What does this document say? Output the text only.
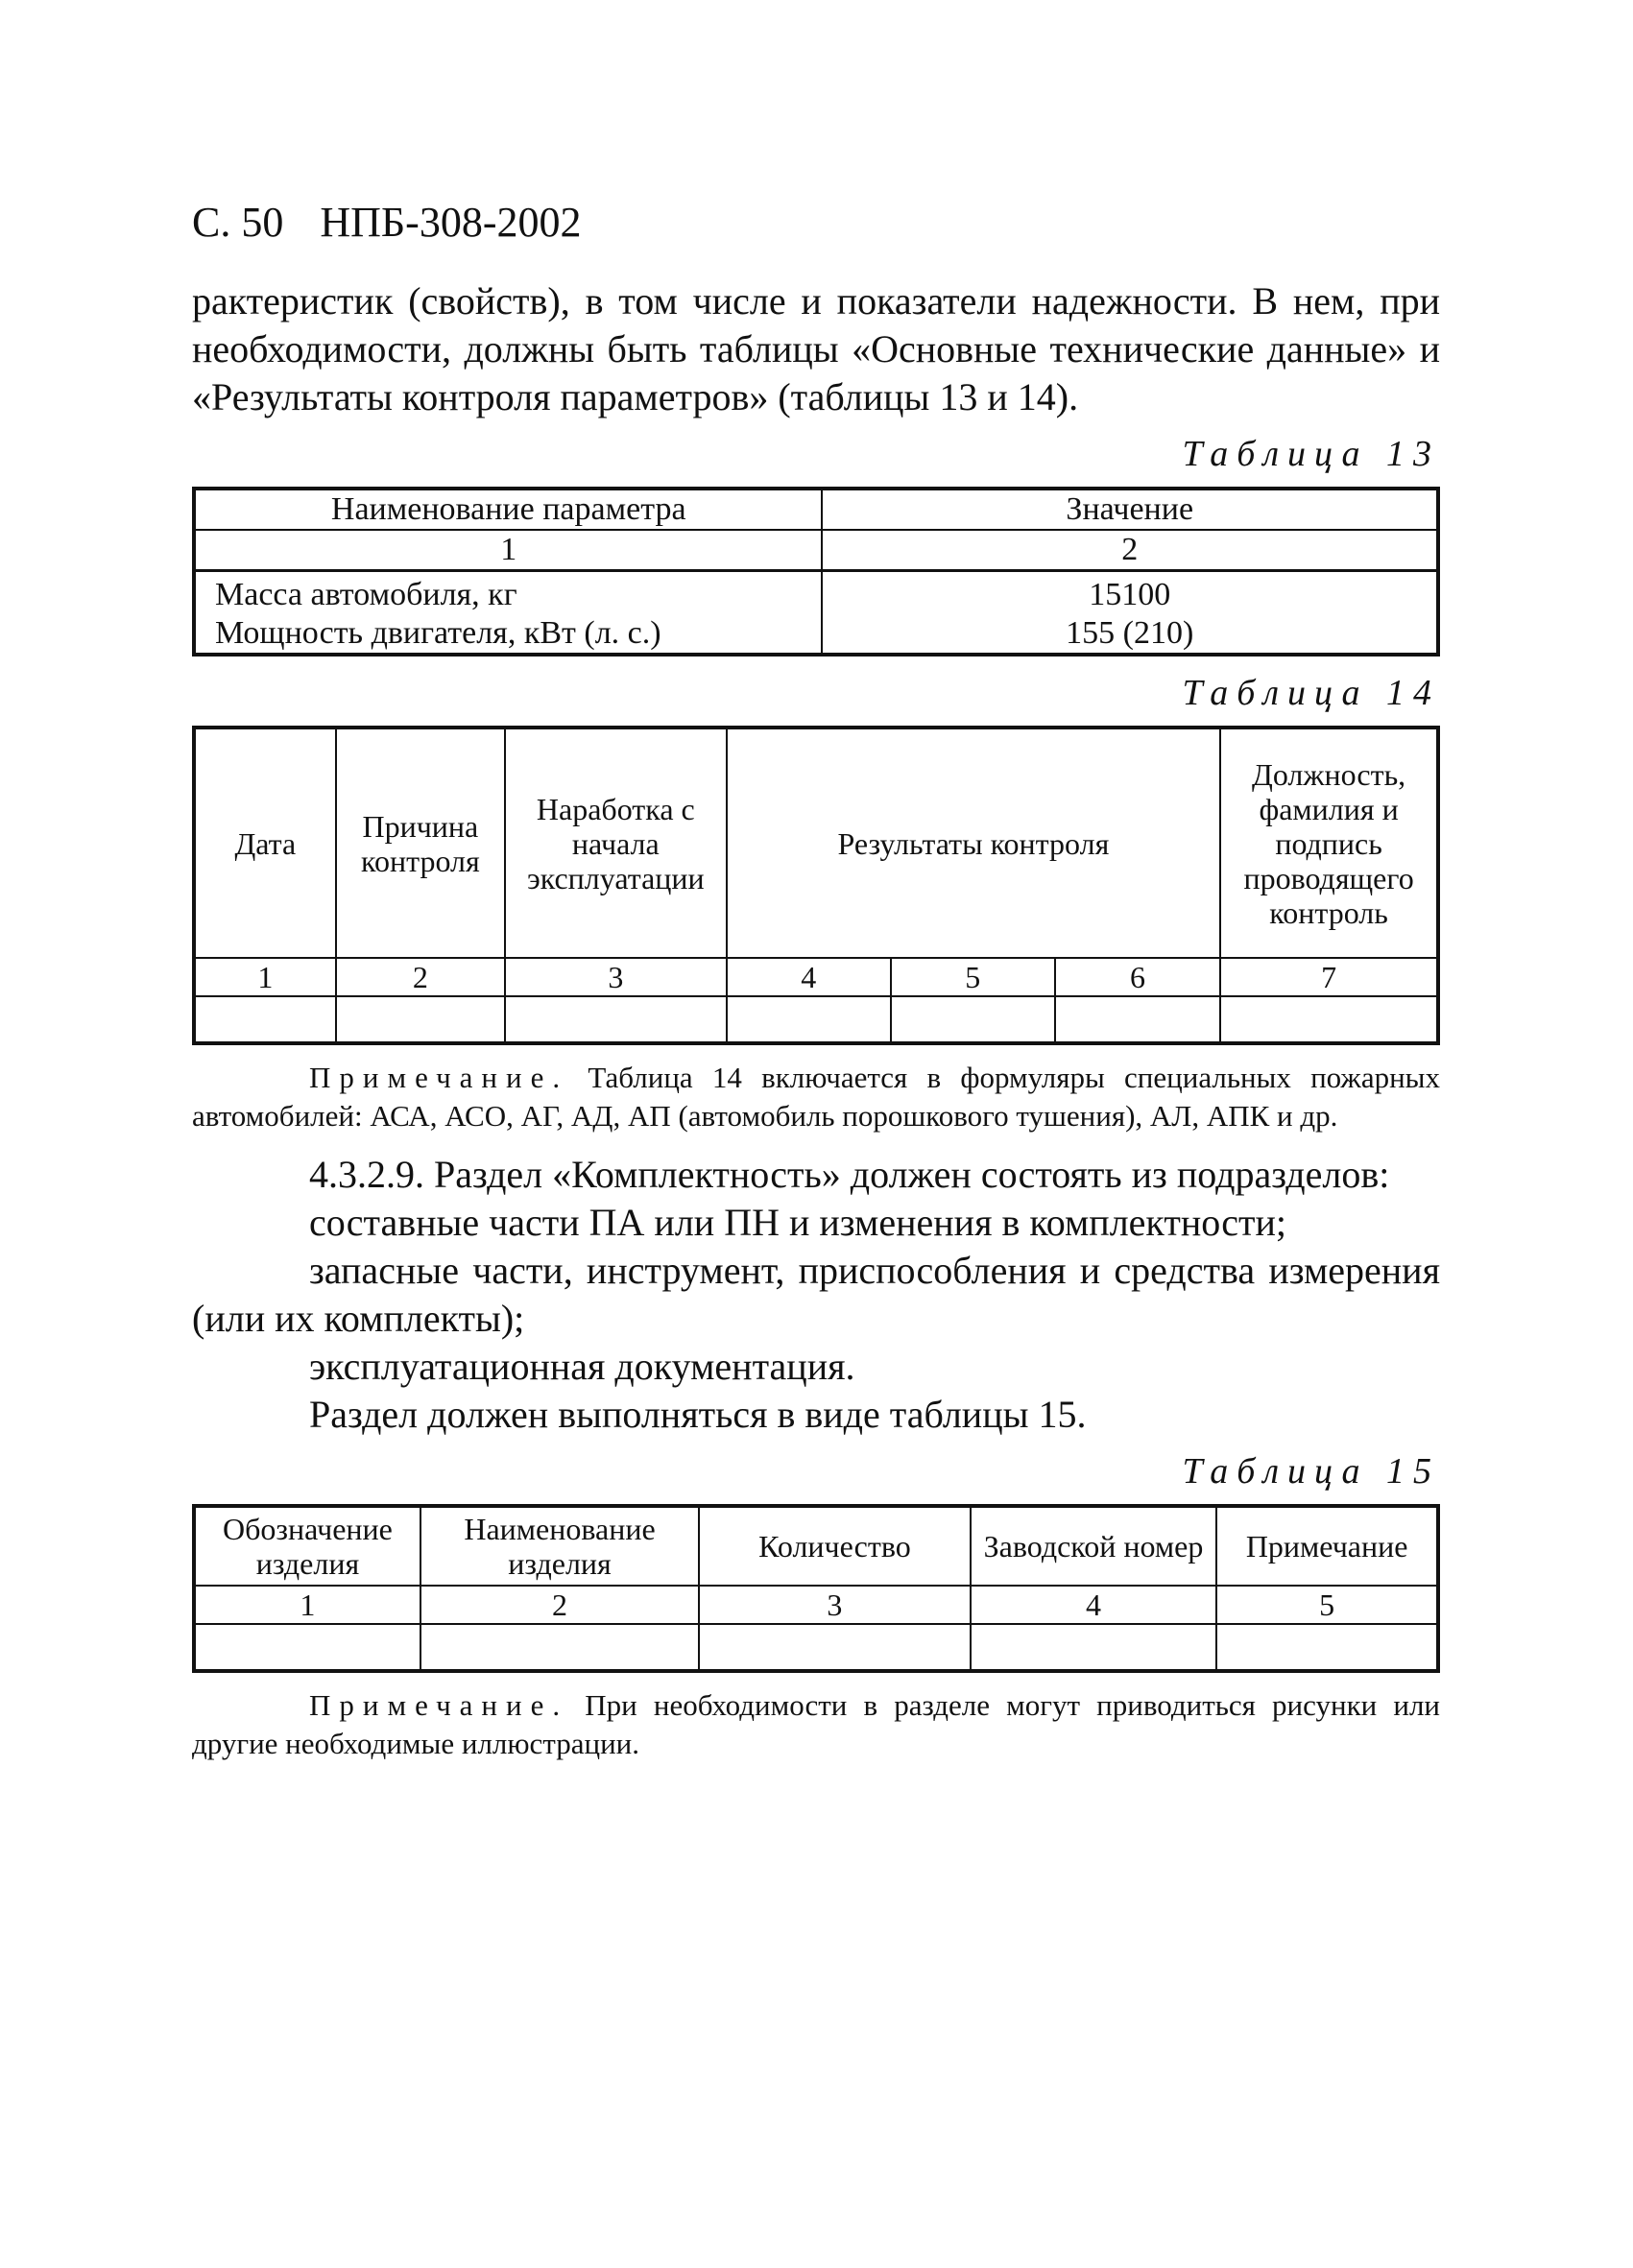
С. 50 НПБ-308-2002

рактеристик (свойств), в том числе и показатели надежности. В нем, при необходимости, должны быть таблицы «Основные технические данные» и «Результаты контроля параметров» (таблицы 13 и 14).

Таблица 13
Наименование параметра	Значение
1	2
Масса автомобиля, кг	15100
Мощность двигателя, кВт (л. с.)	155 (210)
Таблица 14
Дата	Причина контроля	Наработка с начала эксплуатации	Результаты контроля			Должность, фамилия и подпись проводящего контроль
1	2	3	4	5	6	7

Примечание. Таблица 14 включается в формуляры специальных пожарных автомобилей: АСА, АСО, АГ, АД, АП (автомобиль порошкового тушения), АЛ, АПК и др.

4.3.2.9. Раздел «Комплектность» должен состоять из подразделов:

составные части ПА или ПН и изменения в комплектности;

запасные части, инструмент, приспособления и средства измерения (или их комплекты);

эксплуатационная документация.

Раздел должен выполняться в виде таблицы 15.

Таблица 15
Обозначение изделия	Наименование изделия	Количество	Заводской номер	Примечание
1	2	3	4	5

Примечание. При необходимости в разделе могут приводиться рисунки или другие необходимые иллюстрации.
